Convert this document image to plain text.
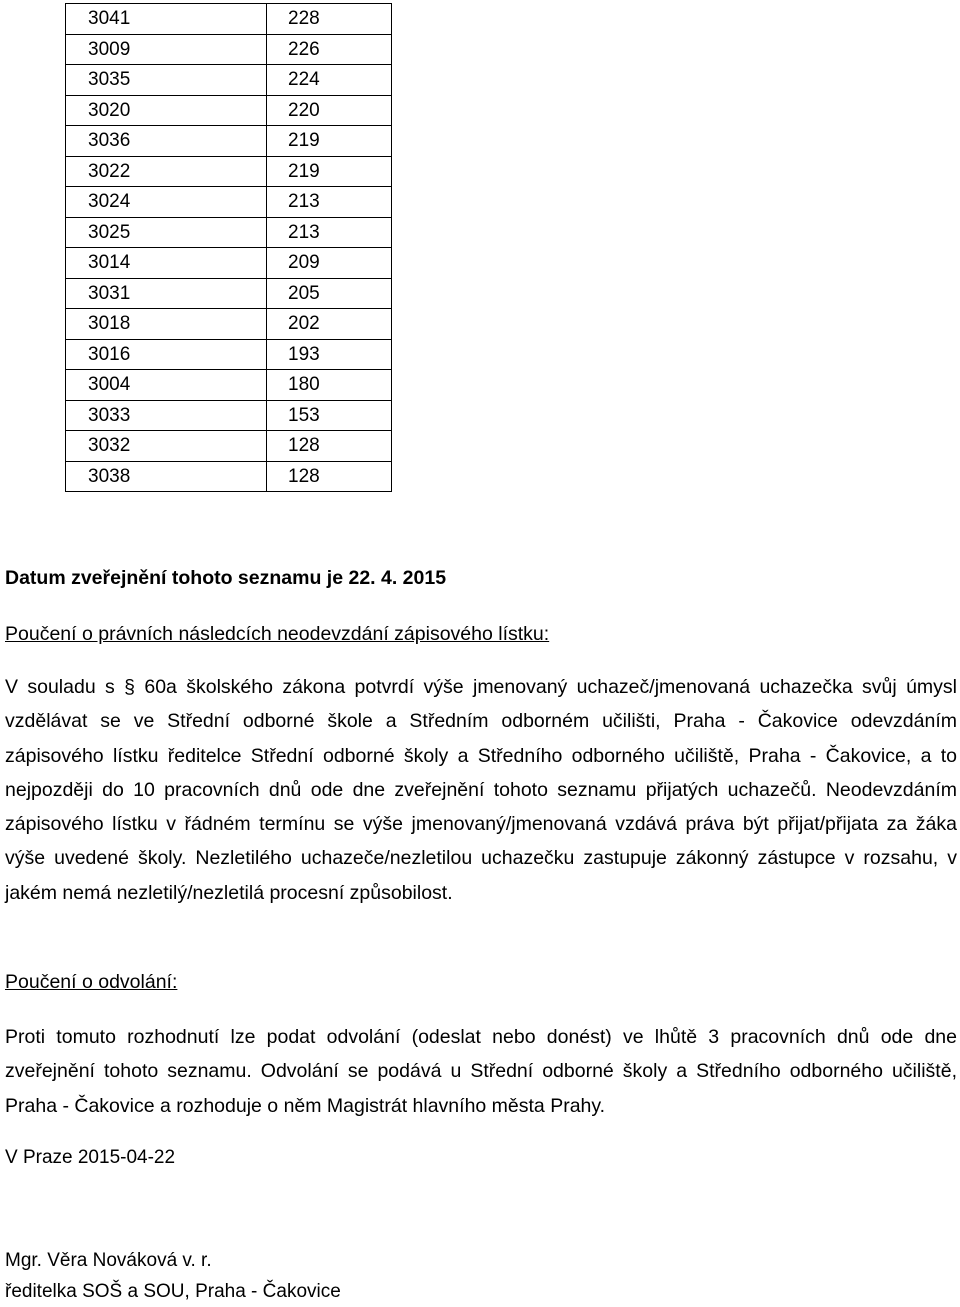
3041	228
3009	226
3035	224
3020	220
3036	219
3022	219
3024	213
3025	213
3014	209
3031	205
3018	202
3016	193
3004	180
3033	153
3032	128
3038	128

Datum zveřejnění tohoto seznamu je 22. 4. 2015

Poučení o právních následcích neodevzdání zápisového lístku:

V souladu s § 60a školského zákona potvrdí výše jmenovaný uchazeč/jmenovaná uchazečka svůj úmysl vzdělávat se ve Střední odborné škole a Středním odborném učilišti, Praha - Čakovice odevzdáním zápisového lístku ředitelce Střední odborné školy a Středního odborného učiliště, Praha - Čakovice, a to nejpozději do 10 pracovních dnů ode dne zveřejnění tohoto seznamu přijatých uchazečů. Neodevzdáním zápisového lístku v řádném termínu se výše jmenovaný/jmenovaná vzdává práva být přijat/přijata za žáka výše uvedené školy. Nezletilého uchazeče/nezletilou uchazečku zastupuje zákonný zástupce v rozsahu, v jakém nemá nezletilý/nezletilá procesní způsobilost.

Poučení o odvolání:

Proti tomuto rozhodnutí lze podat odvolání (odeslat nebo donést) ve lhůtě 3 pracovních dnů ode dne zveřejnění tohoto seznamu. Odvolání se podává u Střední odborné školy a Středního odborného učiliště, Praha - Čakovice a rozhoduje o něm Magistrát hlavního města Prahy.

V Praze 2015-04-22

Mgr. Věra Nováková v. r.

ředitelka SOŠ a SOU, Praha - Čakovice
